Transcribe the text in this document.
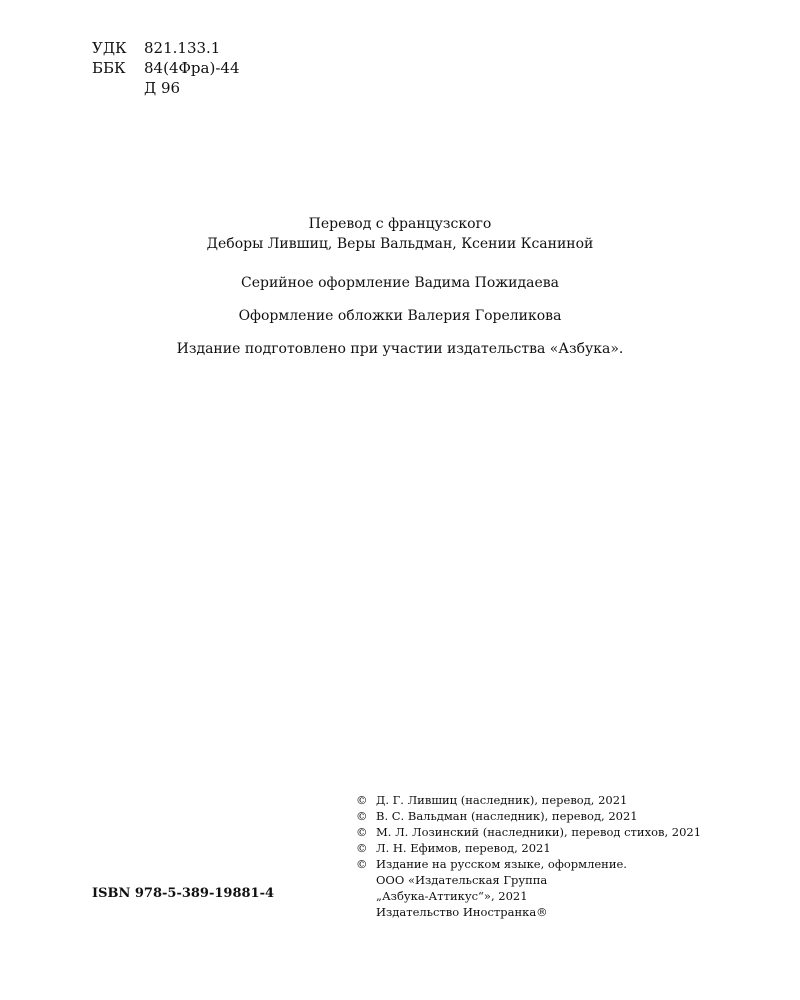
УДК	821.133.1
ББК	84(4Фра)-44
Д 96
Перевод с французского
Деборы Лившиц, Веры Вальдман, Ксении Ксаниной
Серийное оформление Вадима Пожидаева
Оформление обложки Валерия Гореликова
Издание подготовлено при участии издательства «Азбука».
© Д. Г. Лившиц (наследник), перевод, 2021
© В. С. Вальдман (наследник), перевод, 2021
© М. Л. Лозинский (наследники), перевод стихов, 2021
© Л. Н. Ефимов, перевод, 2021
© Издание на русском языке, оформление.
ООО «Издательская Группа
„Азбука-Аттикус“», 2021
Издательство Иностранка®
ISBN 978-5-389-19881-4
